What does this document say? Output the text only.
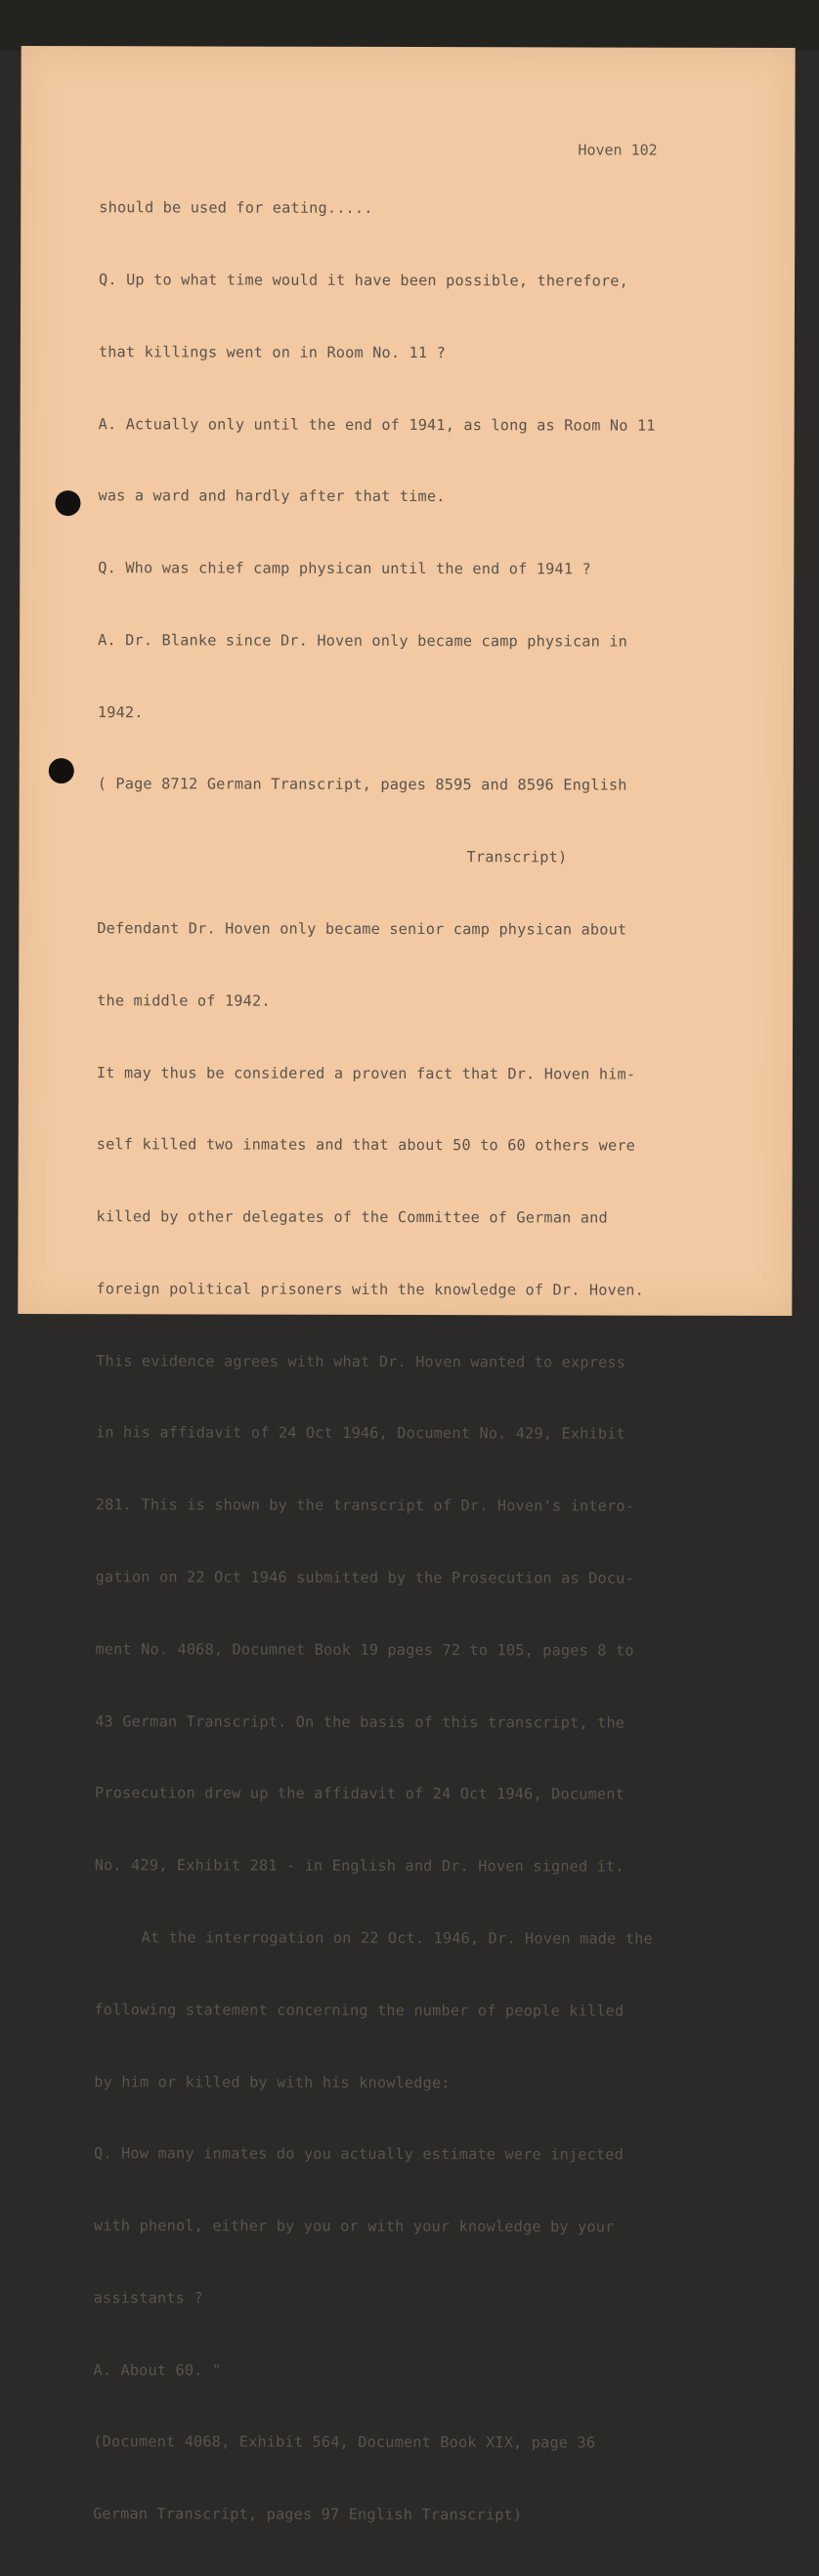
Hoven 102

should be used for eating.....

Q. Up to what time would it have been possible, therefore,

that killings went on in Room No. 11 ?

A. Actually only until the end of 1941, as long as Room No 11

was a ward and hardly after that time.

Q. Who was chief camp physican until the end of 1941 ?

A. Dr. Blanke since Dr. Hoven only became camp physican in

1942.

( Page 8712 German Transcript, pages 8595 and 8596 English

Transcript)

Defendant Dr. Hoven only became senior camp physican about

the middle of 1942.

It may thus be considered a proven fact that Dr. Hoven him-

self killed two inmates and that about 50 to 60 others were

killed by other delegates of the Committee of German and

foreign political prisoners with the knowledge of Dr. Hoven.

This evidence agrees with what Dr. Hoven wanted to express

in his affidavit of 24 Oct 1946, Document No. 429, Exhibit

281. This is shown by the transcript of Dr. Hoven's intero-

gation on 22 Oct 1946 submitted by the Prosecution as Docu-

ment No. 4068, Documnet Book 19 pages 72 to 105, pages 8 to

43 German Transcript. On the basis of this transcript, the

Prosecution drew up the affidavit of 24 Oct 1946, Document

No. 429, Exhibit 281 - in English and Dr. Hoven signed it.

At the interrogation on 22 Oct. 1946, Dr. Hoven made the

following statement concerning the number of people killed

by him or killed by with his knowledge:

Q. How many inmates do you actually estimate were injected

with phenol, either by you or with your knowledge by your

assistants ?

A. About 60. "

(Document 4068, Exhibit 564, Document Book XIX, page 36

German Transcript, pages 97 English Transcript)
